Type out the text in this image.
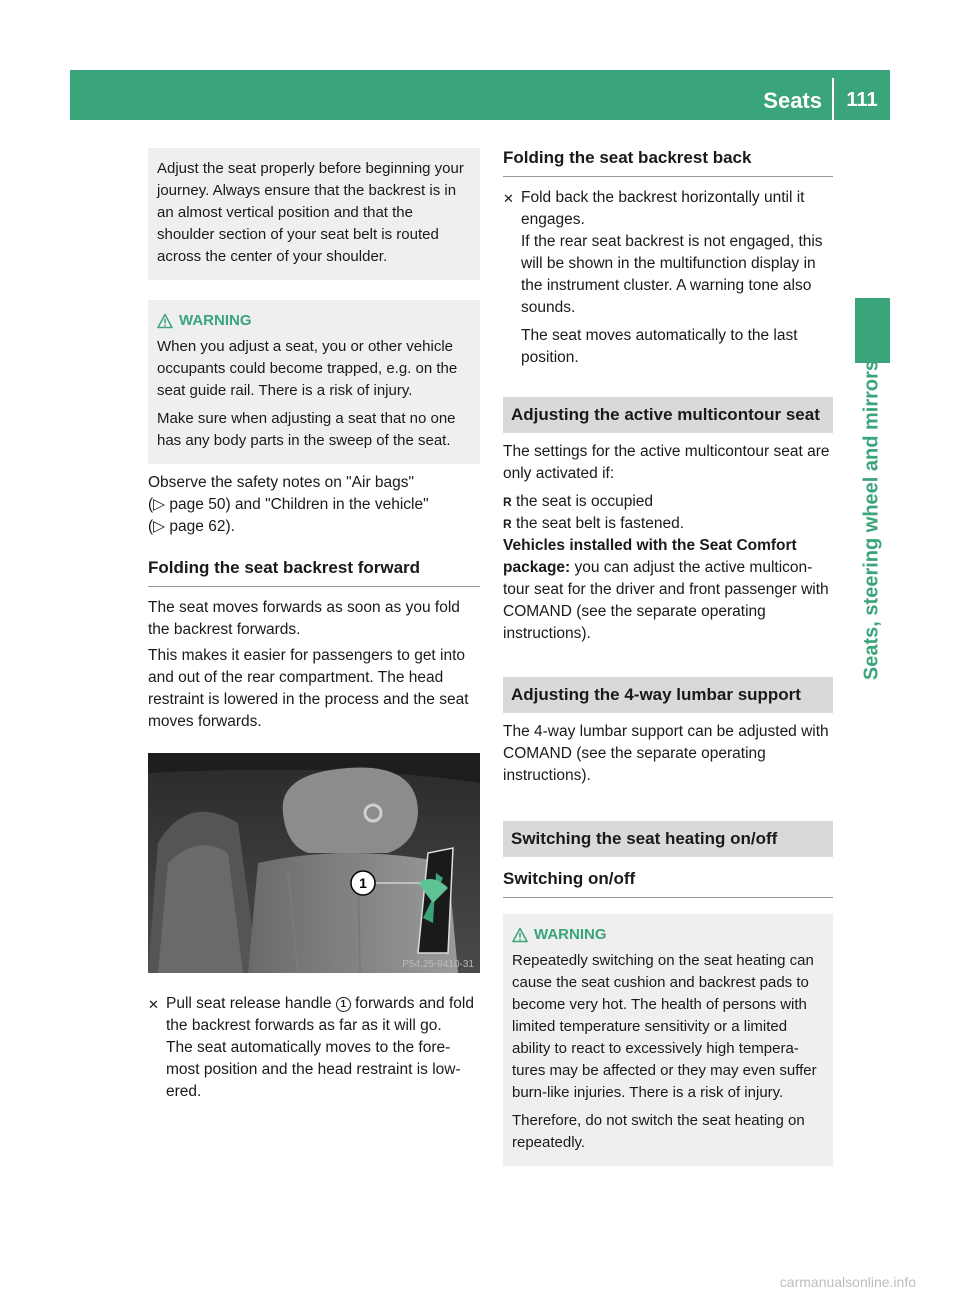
Seats	111
Seats, steering wheel and mirrors

Adjust the seat properly before beginning your journey. Always ensure that the backrest is in an almost vertical position and that the shoulder section of your seat belt is routed across the center of your shoulder.

WARNING

When you adjust a seat, you or other vehicle occupants could become trapped, e.g. on the seat guide rail. There is a risk of injury.

Make sure when adjusting a seat that no one has any body parts in the sweep of the seat.

Observe the safety notes on "Air bags"
(▷ page 50) and "Children in the vehicle"
(▷ page 62).

Folding the seat backrest forward

The seat moves forwards as soon as you fold the backrest forwards.

This makes it easier for passengers to get into and out of the rear compartment. The head restraint is lowered in the process and the seat moves forwards.

1
P54.25-9410-31
✕ Pull seat release handle 1 forwards and fold the backrest forwards as far as it will go.

The seat automatically moves to the fore-most position and the head restraint is low-ered.

Folding the seat backrest back
✕ Fold back the backrest horizontally until it engages.

If the rear seat backrest is not engaged, this will be shown in the multifunction display in the instrument cluster. A warning tone also sounds.

The seat moves automatically to the last position.

Adjusting the active multicontour seat

The settings for the active multicontour seat are only activated if:

R the seat is occupied
R the seat belt is fastened.

Vehicles installed with the Seat Comfort package: you can adjust the active multicon-tour seat for the driver and front passenger with COMAND (see the separate operating instructions).

Adjusting the 4-way lumbar support

The 4-way lumbar support can be adjusted with COMAND (see the separate operating instructions).

Switching the seat heating on/off
Switching on/off
WARNING

Repeatedly switching on the seat heating can cause the seat cushion and backrest pads to become very hot. The health of persons with limited temperature sensitivity or a limited ability to react to excessively high tempera-tures may be affected or they may even suffer burn-like injuries. There is a risk of injury.

Therefore, do not switch the seat heating on repeatedly.

carmanualsonline.info
